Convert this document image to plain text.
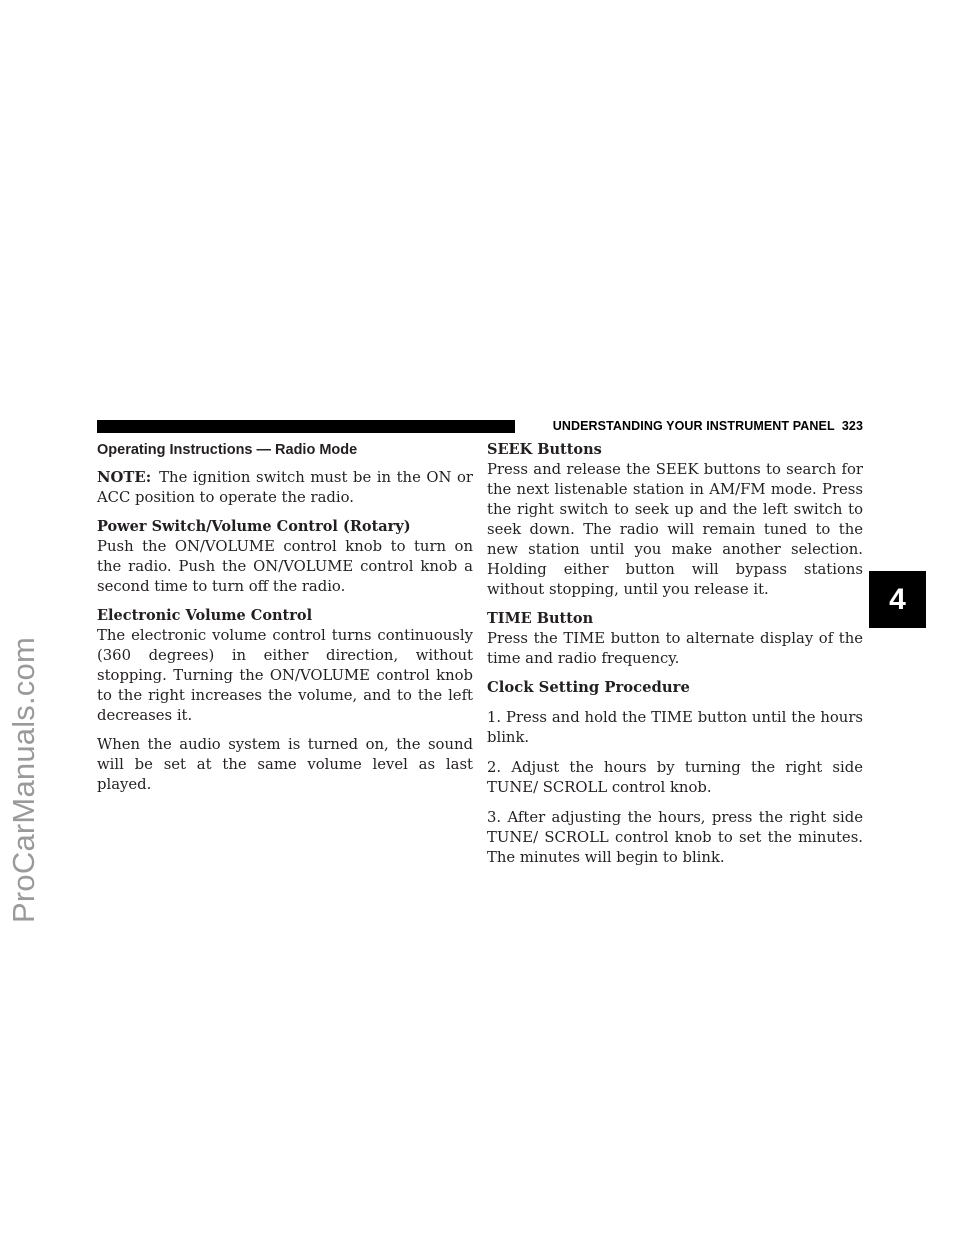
ProCarManuals.com
UNDERSTANDING YOUR INSTRUMENT PANEL 323
4
Operating Instructions — Radio Mode

NOTE: The ignition switch must be in the ON or ACC position to operate the radio.

Power Switch/Volume Control (Rotary)

Push the ON/VOLUME control knob to turn on the radio. Push the ON/VOLUME control knob a second time to turn off the radio.

Electronic Volume Control

The electronic volume control turns continuously (360 degrees) in either direction, without stopping. Turning the ON/VOLUME control knob to the right increases the volume, and to the left decreases it.

When the audio system is turned on, the sound will be set at the same volume level as last played.

SEEK Buttons

Press and release the SEEK buttons to search for the next listenable station in AM/FM mode. Press the right switch to seek up and the left switch to seek down. The radio will remain tuned to the new station until you make another selection. Holding either button will bypass stations without stopping, until you release it.

TIME Button

Press the TIME button to alternate display of the time and radio frequency.

Clock Setting Procedure

1. Press and hold the TIME button until the hours blink.

2. Adjust the hours by turning the right side TUNE/ SCROLL control knob.

3. After adjusting the hours, press the right side TUNE/ SCROLL control knob to set the minutes. The minutes will begin to blink.
